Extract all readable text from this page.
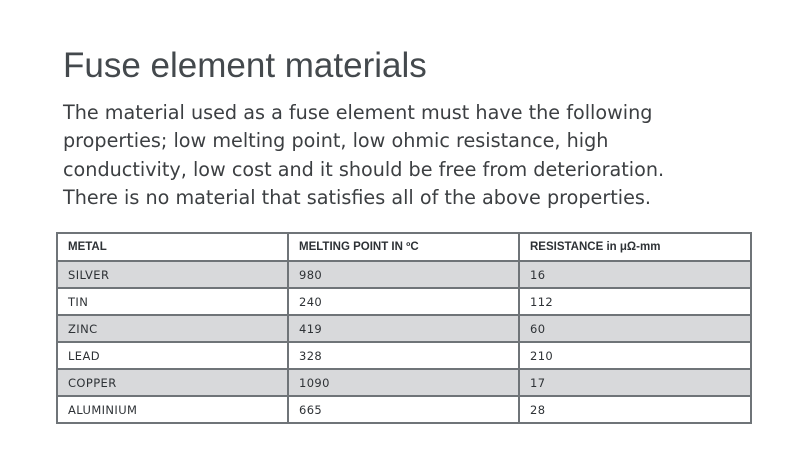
Fuse element materials

The material used as a fuse element must have the following properties; low melting point, low ohmic resistance, high conductivity, low cost and it should be free from deterioration. There is no material that satisfies all of the above properties.

METAL	MELTING POINT IN ºC	RESISTANCE in μΩ-mm
SILVER	980	16
TIN	240	112
ZINC	419	60
LEAD	328	210
COPPER	1090	17
ALUMINIUM	665	28
